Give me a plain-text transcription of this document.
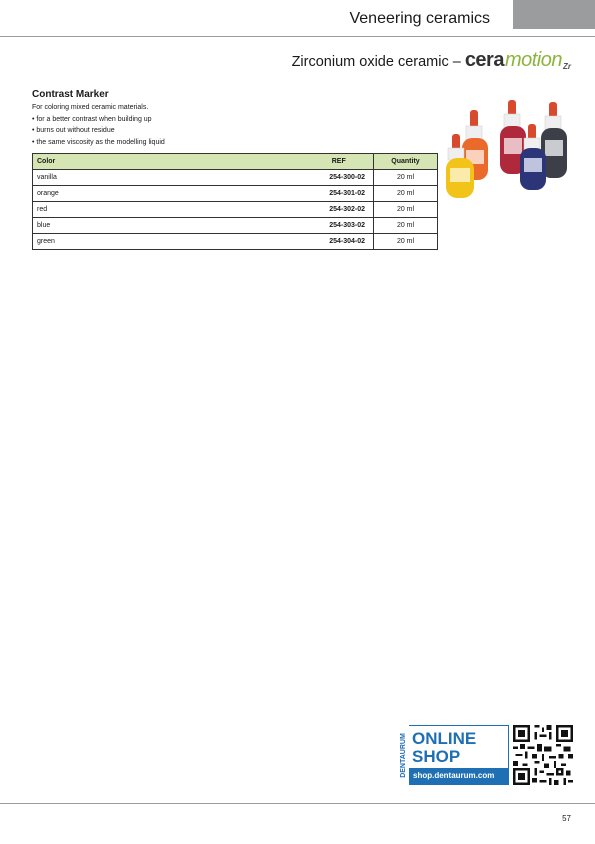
Veneering ceramics
Zirconium oxide ceramic – cera motion Zr
Contrast Marker
For coloring mixed ceramic materials.
• for a better contrast when building up
• burns out without residue
• the same viscosity as the modelling liquid
Color	REF	Quantity
vanilla	254-300-02	20 ml
orange	254-301-02	20 ml
red	254-302-02	20 ml
blue	254-303-02	20 ml
green	254-304-02	20 ml
DENTAURUM ONLINE
SHOP
shop.dentaurum.com
57
